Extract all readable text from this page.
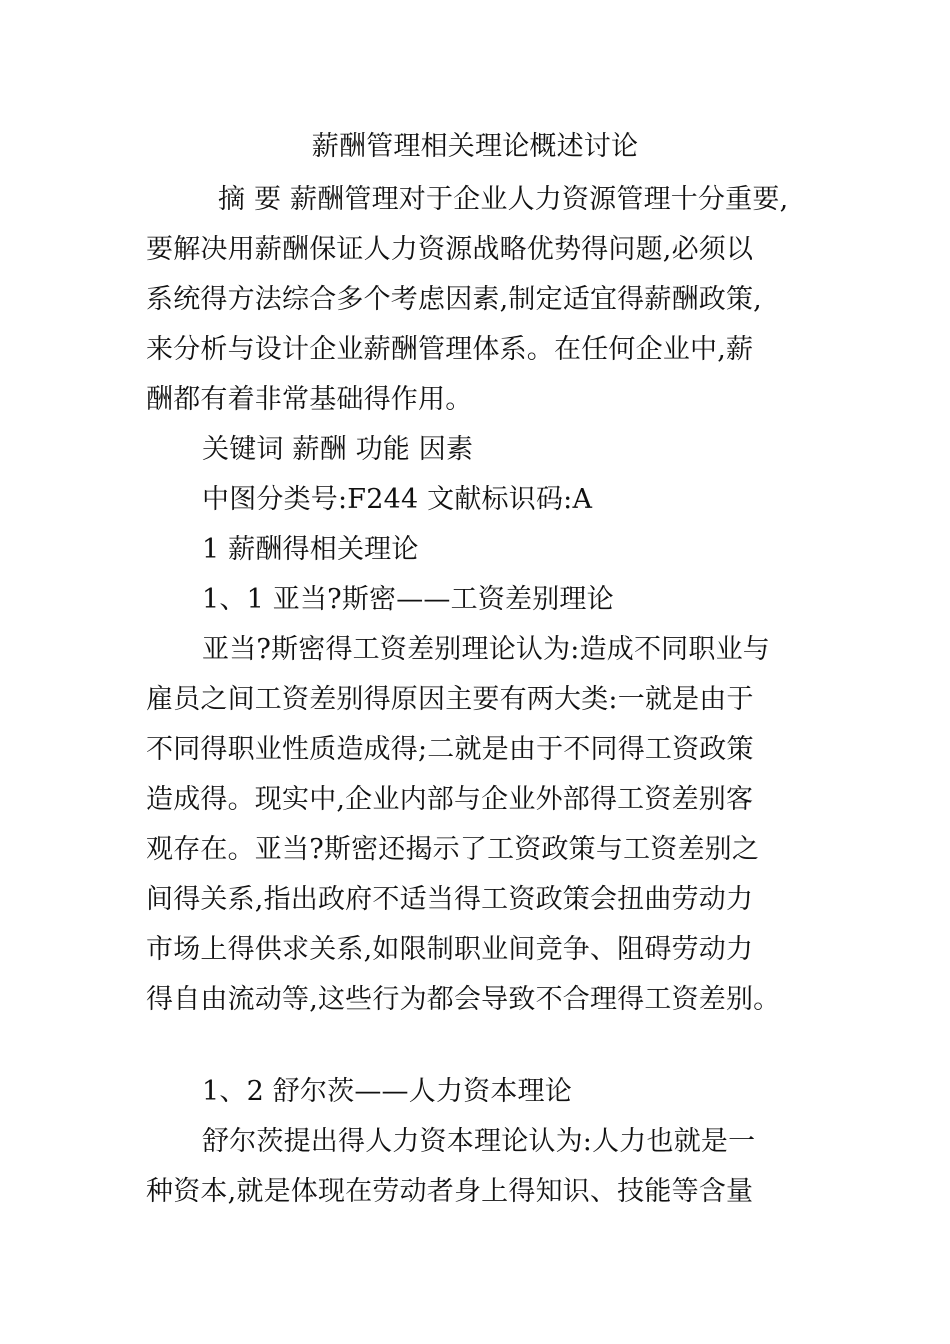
薪酬管理相关理论概述讨论
摘 要 薪酬管理对于企业人力资源管理十分重要,
要解决用薪酬保证人力资源战略优势得问题,必须以
系统得方法综合多个考虑因素,制定适宜得薪酬政策,
来分析与设计企业薪酬管理体系。在任何企业中,薪
酬都有着非常基础得作用。
关键词 薪酬 功能 因素
中图分类号:F244 文献标识码:A
1 薪酬得相关理论
1、1 亚当?斯密——工资差别理论
亚当?斯密得工资差别理论认为:造成不同职业与
雇员之间工资差别得原因主要有两大类:一就是由于
不同得职业性质造成得;二就是由于不同得工资政策
造成得。现实中,企业内部与企业外部得工资差别客
观存在。亚当?斯密还揭示了工资政策与工资差别之
间得关系,指出政府不适当得工资政策会扭曲劳动力
市场上得供求关系,如限制职业间竞争、阻碍劳动力
得自由流动等,这些行为都会导致不合理得工资差别。
1、2 舒尔茨——人力资本理论
舒尔茨提出得人力资本理论认为:人力也就是一
种资本,就是体现在劳动者身上得知识、技能等含量
